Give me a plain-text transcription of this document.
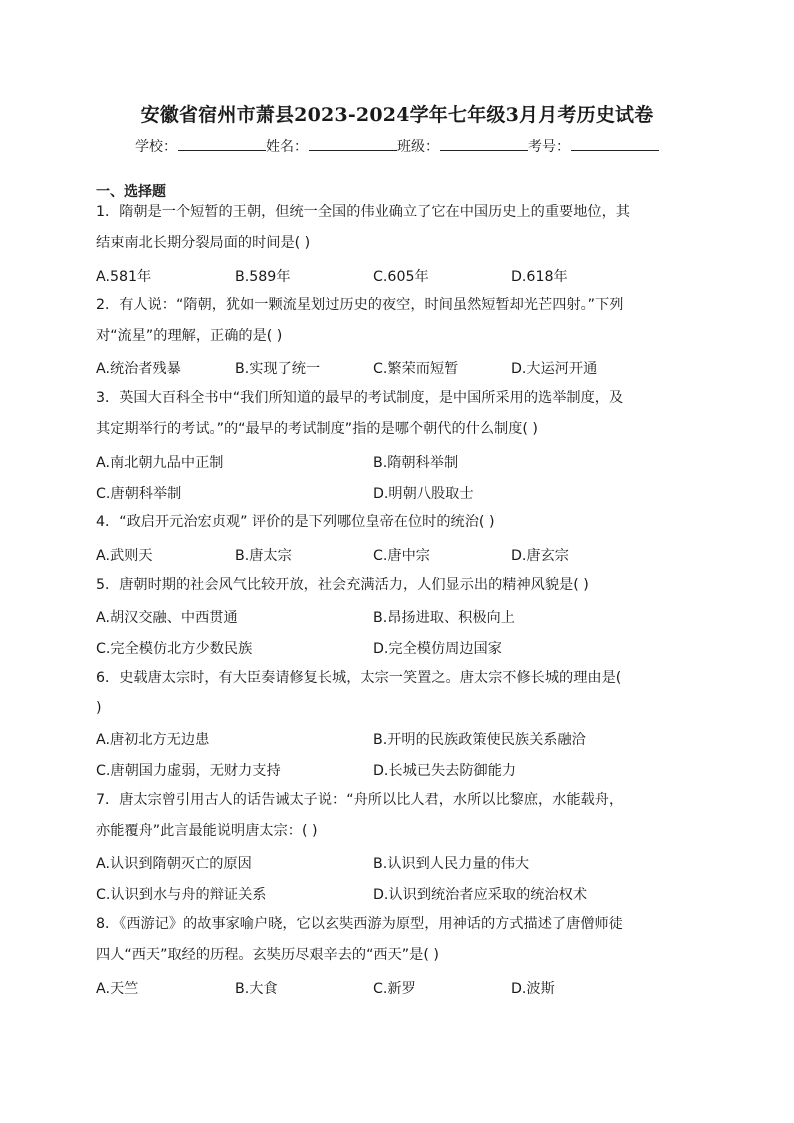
安徽省宿州市萧县2023-2024学年七年级3月月考历史试卷
学校：	姓名：	班级：	考号：
一、选择题
1．隋朝是一个短暂的王朝，但统一全国的伟业确立了它在中国历史上的重要地位，其
结束南北长期分裂局面的时间是( )
A.581年	B.589年	C.605年	D.618年
2．有人说：“隋朝，犹如一颗流星划过历史的夜空，时间虽然短暂却光芒四射。”下列
对“流星”的理解，正确的是( )
A.统治者残暴	B.实现了统一	C.繁荣而短暂	D.大运河开通
3．英国大百科全书中“我们所知道的最早的考试制度，是中国所采用的选举制度，及
其定期举行的考试。”的“最早的考试制度”指的是哪个朝代的什么制度( )
A.南北朝九品中正制	B.隋朝科举制
C.唐朝科举制	D.明朝八股取士
4．“政启开元治宏贞观” 评价的是下列哪位皇帝在位时的统治( )
A.武则天	B.唐太宗	C.唐中宗	D.唐玄宗
5．唐朝时期的社会风气比较开放，社会充满活力，人们显示出的精神风貌是( )
A.胡汉交融、中西贯通	B.昂扬进取、积极向上
C.完全模仿北方少数民族	D.完全模仿周边国家
6．史载唐太宗时，有大臣奏请修复长城，太宗一笑置之。唐太宗不修长城的理由是(
)
A.唐初北方无边患	B.开明的民族政策使民族关系融洽
C.唐朝国力虚弱，无财力支持	D.长城已失去防御能力
7．唐太宗曾引用古人的话告诫太子说：“舟所以比人君，水所以比黎庶，水能载舟，
亦能覆舟”此言最能说明唐太宗：( )
A.认识到隋朝灭亡的原因	B.认识到人民力量的伟大
C.认识到水与舟的辩证关系	D.认识到统治者应采取的统治权术
8．《西游记》的故事家喻户晓，它以玄奘西游为原型，用神话的方式描述了唐僧师徒
四人“西天”取经的历程。玄奘历尽艰辛去的“西天”是( )
A.天竺	B.大食	C.新罗	D.波斯
